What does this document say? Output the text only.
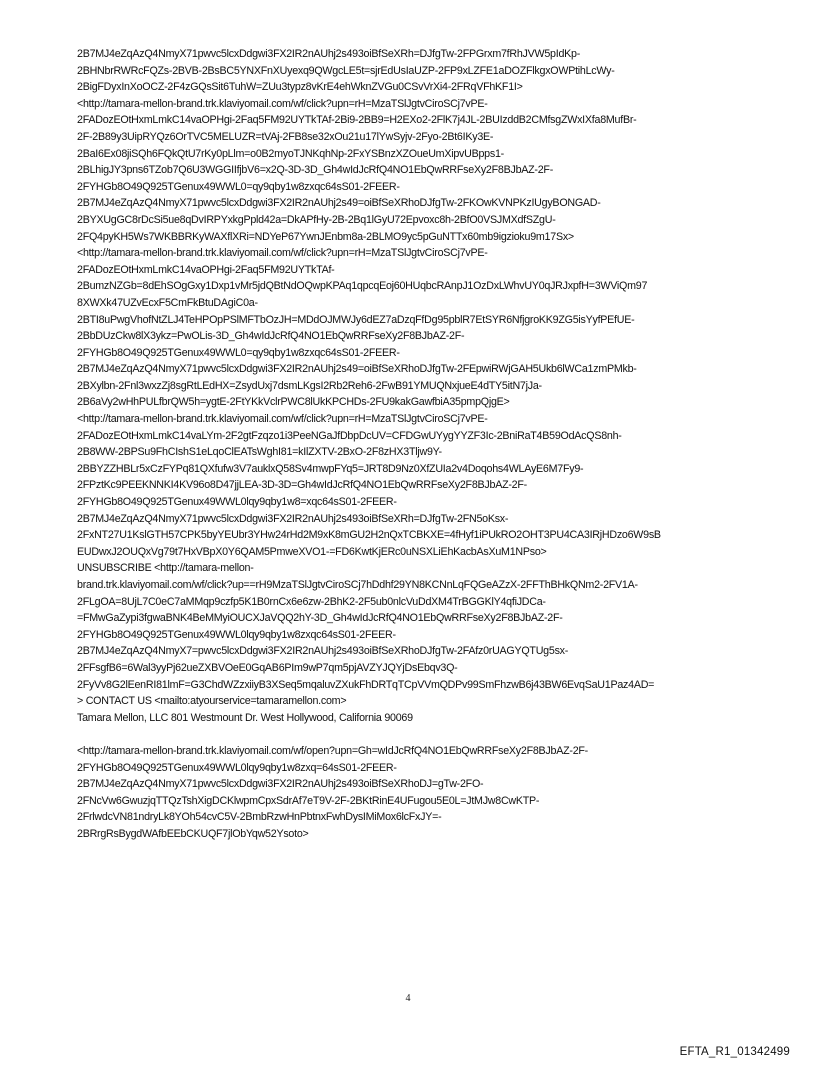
2B7MJ4eZqAzQ4NmyX71pwvc5lcxDdgwi3FX2IR2nAUhj2s493oiBfSeXRh=DJfgTw-2FPGrxm7fRhJVW5pIdKp-
2BHNbrRWRcFQZs-2BVB-2BsBC5YNXFnXUyexq9QWgcLE5t=sjrEdUsIaUZP-2FP9xLZFE1aDOZFlkgxOWPtihLcWy-
2BigFDyxInXoOCZ-2F4zGQsSit6TuhW=ZUu3typz8vKrE4ehWknZVGu0CSvVrXi4-2FRqVFhKF1I>
<http://tamara-mellon-brand.trk.klaviyomail.com/wf/click?upn=rH=MzaTSlJgtvCiroSCj7vPE-
2FADozEOtHxmLmkC14vaOPHgi-2Faq5FM92UYTkTAf-2Bi9-2BB9=H2EXo2-2FlK7j4JL-2BUIzddB2CMfsgZWxIXfa8MufBr-
2F-2B89y3UipRYQz6OrTVC5MELUZR=tVAj-2FB8se32xOu21u17lYwSyjv-2Fyo-2Bt6IKy3E-
2BaI6Ex08jiSQh6FQkQtU7rKy0pLlm=o0B2myoTJNKqhNp-2FxYSBnzXZOueUmXipvUBpps1-
2BLhigJY3pns6TZob7Q6U3WGGIIfjbV6=x2Q-3D-3D_Gh4wIdJcRfQ4NO1EbQwRRFseXy2F8BJbAZ-2F-
2FYHGb8O49Q925TGenux49WWL0=qy9qby1w8zxqc64sS01-2FEER-
2B7MJ4eZqAzQ4NmyX71pwvc5lcxDdgwi3FX2IR2nAUhj2s49=oiBfSeXRhoDJfgTw-2FKOwKVNPKzIUgyBONGAD-
2BYXUgGC8rDcSi5ue8qDvIRPYxkgPpld42a=DkAPfHy-2B-2Bq1lGyU72Epvoxc8h-2BfO0VSJMXdfSZgU-
2FQ4pyKH5Ws7WKBBRKyWAXflXRi=NDYeP67YwnJEnbm8a-2BLMO9yc5pGuNTTx60mb9igzioku9m17Sx>
<http://tamara-mellon-brand.trk.klaviyomail.com/wf/click?upn=rH=MzaTSlJgtvCiroSCj7vPE-
2FADozEOtHxmLmkC14vaOPHgi-2Faq5FM92UYTkTAf-
2BumzNZGb=8dEhSOgGxy1Dxp1vMr5jdQBtNdOQwpKPAq1qpcqEoj60HUqbcRAnpJ1OzDxLWhvUY0qJRJxpfH=3WViQm97
8XWXk47UZvEcxF5CmFkBtuDAgiC0a-
2BTI8uPwgVhofNtZLJ4TeHPOpPSlMFTbOzJH=MDdOJMWJy6dEZ7aDzqFfDg95pblR7EtSYR6NfjgroKK9ZG5isYyfPEfUE-
2BbDUzCkw8lX3ykz=PwOLis-3D_Gh4wIdJcRfQ4NO1EbQwRRFseXy2F8BJbAZ-2F-
2FYHGb8O49Q925TGenux49WWL0=qy9qby1w8zxqc64sS01-2FEER-
2B7MJ4eZqAzQ4NmyX71pwvc5lcxDdgwi3FX2IR2nAUhj2s49=oiBfSeXRhoDJfgTw-2FEpwiRWjGAH5Ukb6lWCa1zmPMkb-
2BXylbn-2Fnl3wxzZj8sgRtLEdHX=ZsydUxj7dsmLKgsI2Rb2Reh6-2FwB91YMUQNxjueE4dTY5itN7jJa-
2B6aVy2wHhPULfbrQW5h=ygtE-2FtYKkVclrPWC8lUkKPCHDs-2FU9kakGawfbiA35pmpQjgE>
<http://tamara-mellon-brand.trk.klaviyomail.com/wf/click?upn=rH=MzaTSlJgtvCiroSCj7vPE-
2FADozEOtHxmLmkC14vaLYm-2F2gtFzqzo1i3PeeNGaJfDbpDcUV=CFDGwUYygYYZF3Ic-2BniRaT4B59OdAcQS8nh-
2B8WW-2BPSu9FhCIshS1eLqoClEATsWghI81=kIlZXTV-2BxO-2F8zHX3Tljw9Y-
2BBYZZHBLr5xCzFYPq81QXfufw3V7auklxQ58Sv4mwpFYq5=JRT8D9Nz0XfZUIa2v4Doqohs4WLAyE6M7Fy9-
2FPztKc9PEEKNNKI4KV96o8D47jjLEA-3D-3D=Gh4wIdJcRfQ4NO1EbQwRRFseXy2F8BJbAZ-2F-
2FYHGb8O49Q925TGenux49WWL0lqy9qby1w8=xqc64sS01-2FEER-
2B7MJ4eZqAzQ4NmyX71pwvc5lcxDdgwi3FX2IR2nAUhj2s493oiBfSeXRh=DJfgTw-2FN5oKsx-
2FxNT27U1KslGTH57CPK5byYEUbr3YHw24rHd2M9xK8mGU2H2nQxTCBKXE=4fHyf1iPUkRO2OHT3PU4CA3IRjHDzo6W9sB
EUDwxJ2OUQxVg79t7HxVBpX0Y6QAM5PmweXVO1-=FD6KwtKjERc0uNSXLiEhKacbAsXuM1NPso>
UNSUBSCRIBE <http://tamara-mellon-
brand.trk.klaviyomail.com/wf/click?up==rH9MzaTSlJgtvCiroSCj7hDdhf29YN8KCNnLqFQGeAZzX-2FFThBHkQNm2-2FV1A-
2FLgOA=8UjL7C0eC7aMMqp9czfp5K1B0rnCx6e6zw-2BhK2-2F5ub0nlcVuDdXM4TrBGGKlY4qfiJDCa-
=FMwGaZypi3fgwaBNK4BeMMyiOUCXJaVQQ2hY-3D_Gh4wIdJcRfQ4NO1EbQwRRFseXy2F8BJbAZ-2F-
2FYHGb8O49Q925TGenux49WWL0lqy9qby1w8zxqc64sS01-2FEER-
2B7MJ4eZqAzQ4NmyX7=pwvc5lcxDdgwi3FX2IR2nAUhj2s493oiBfSeXRhoDJfgTw-2FAfz0rUAGYQTUg5sx-
2FFsgfB6=6Wal3yyPj62ueZXBVOeE0GqAB6PIm9wP7qm5pjAVZYJQYjDsEbqv3Q-
2FyVv8G2lEenRI81lmF=G3ChdWZzxiiyB3XSeq5mqaluvZXukFhDRTqTCpVVmQDPv99SmFhzwB6j43BW6EvqSaU1Paz4AD=
> CONTACT US <mailto:atyourservice=tamaramellon.com>
Tamara Mellon, LLC 801 Westmount Dr. West Hollywood, California 90069
<http://tamara-mellon-brand.trk.klaviyomail.com/wf/open?upn=Gh=wIdJcRfQ4NO1EbQwRRFseXy2F8BJbAZ-2F-
2FYHGb8O49Q925TGenux49WWL0lqy9qby1w8zxq=64sS01-2FEER-
2B7MJ4eZqAzQ4NmyX71pwvc5lcxDdgwi3FX2IR2nAUhj2s493oiBfSeXRhoDJ=gTw-2FO-
2FNcVw6GwuzjqTTQzTshXigDCKlwpmCpxSdrAf7eT9V-2F-2BKtRinE4UFugou5E0L=JtMJw8CwKTP-
2FrlwdcVN81ndryLk8YOh54cvC5V-2BmbRzwHnPbtnxFwhDysIMiMox6lcFxJY=-
2BRrgRsBygdWAfbEEbCKUQF7jlObYqw52Ysoto>
4
EFTA_R1_01342499
